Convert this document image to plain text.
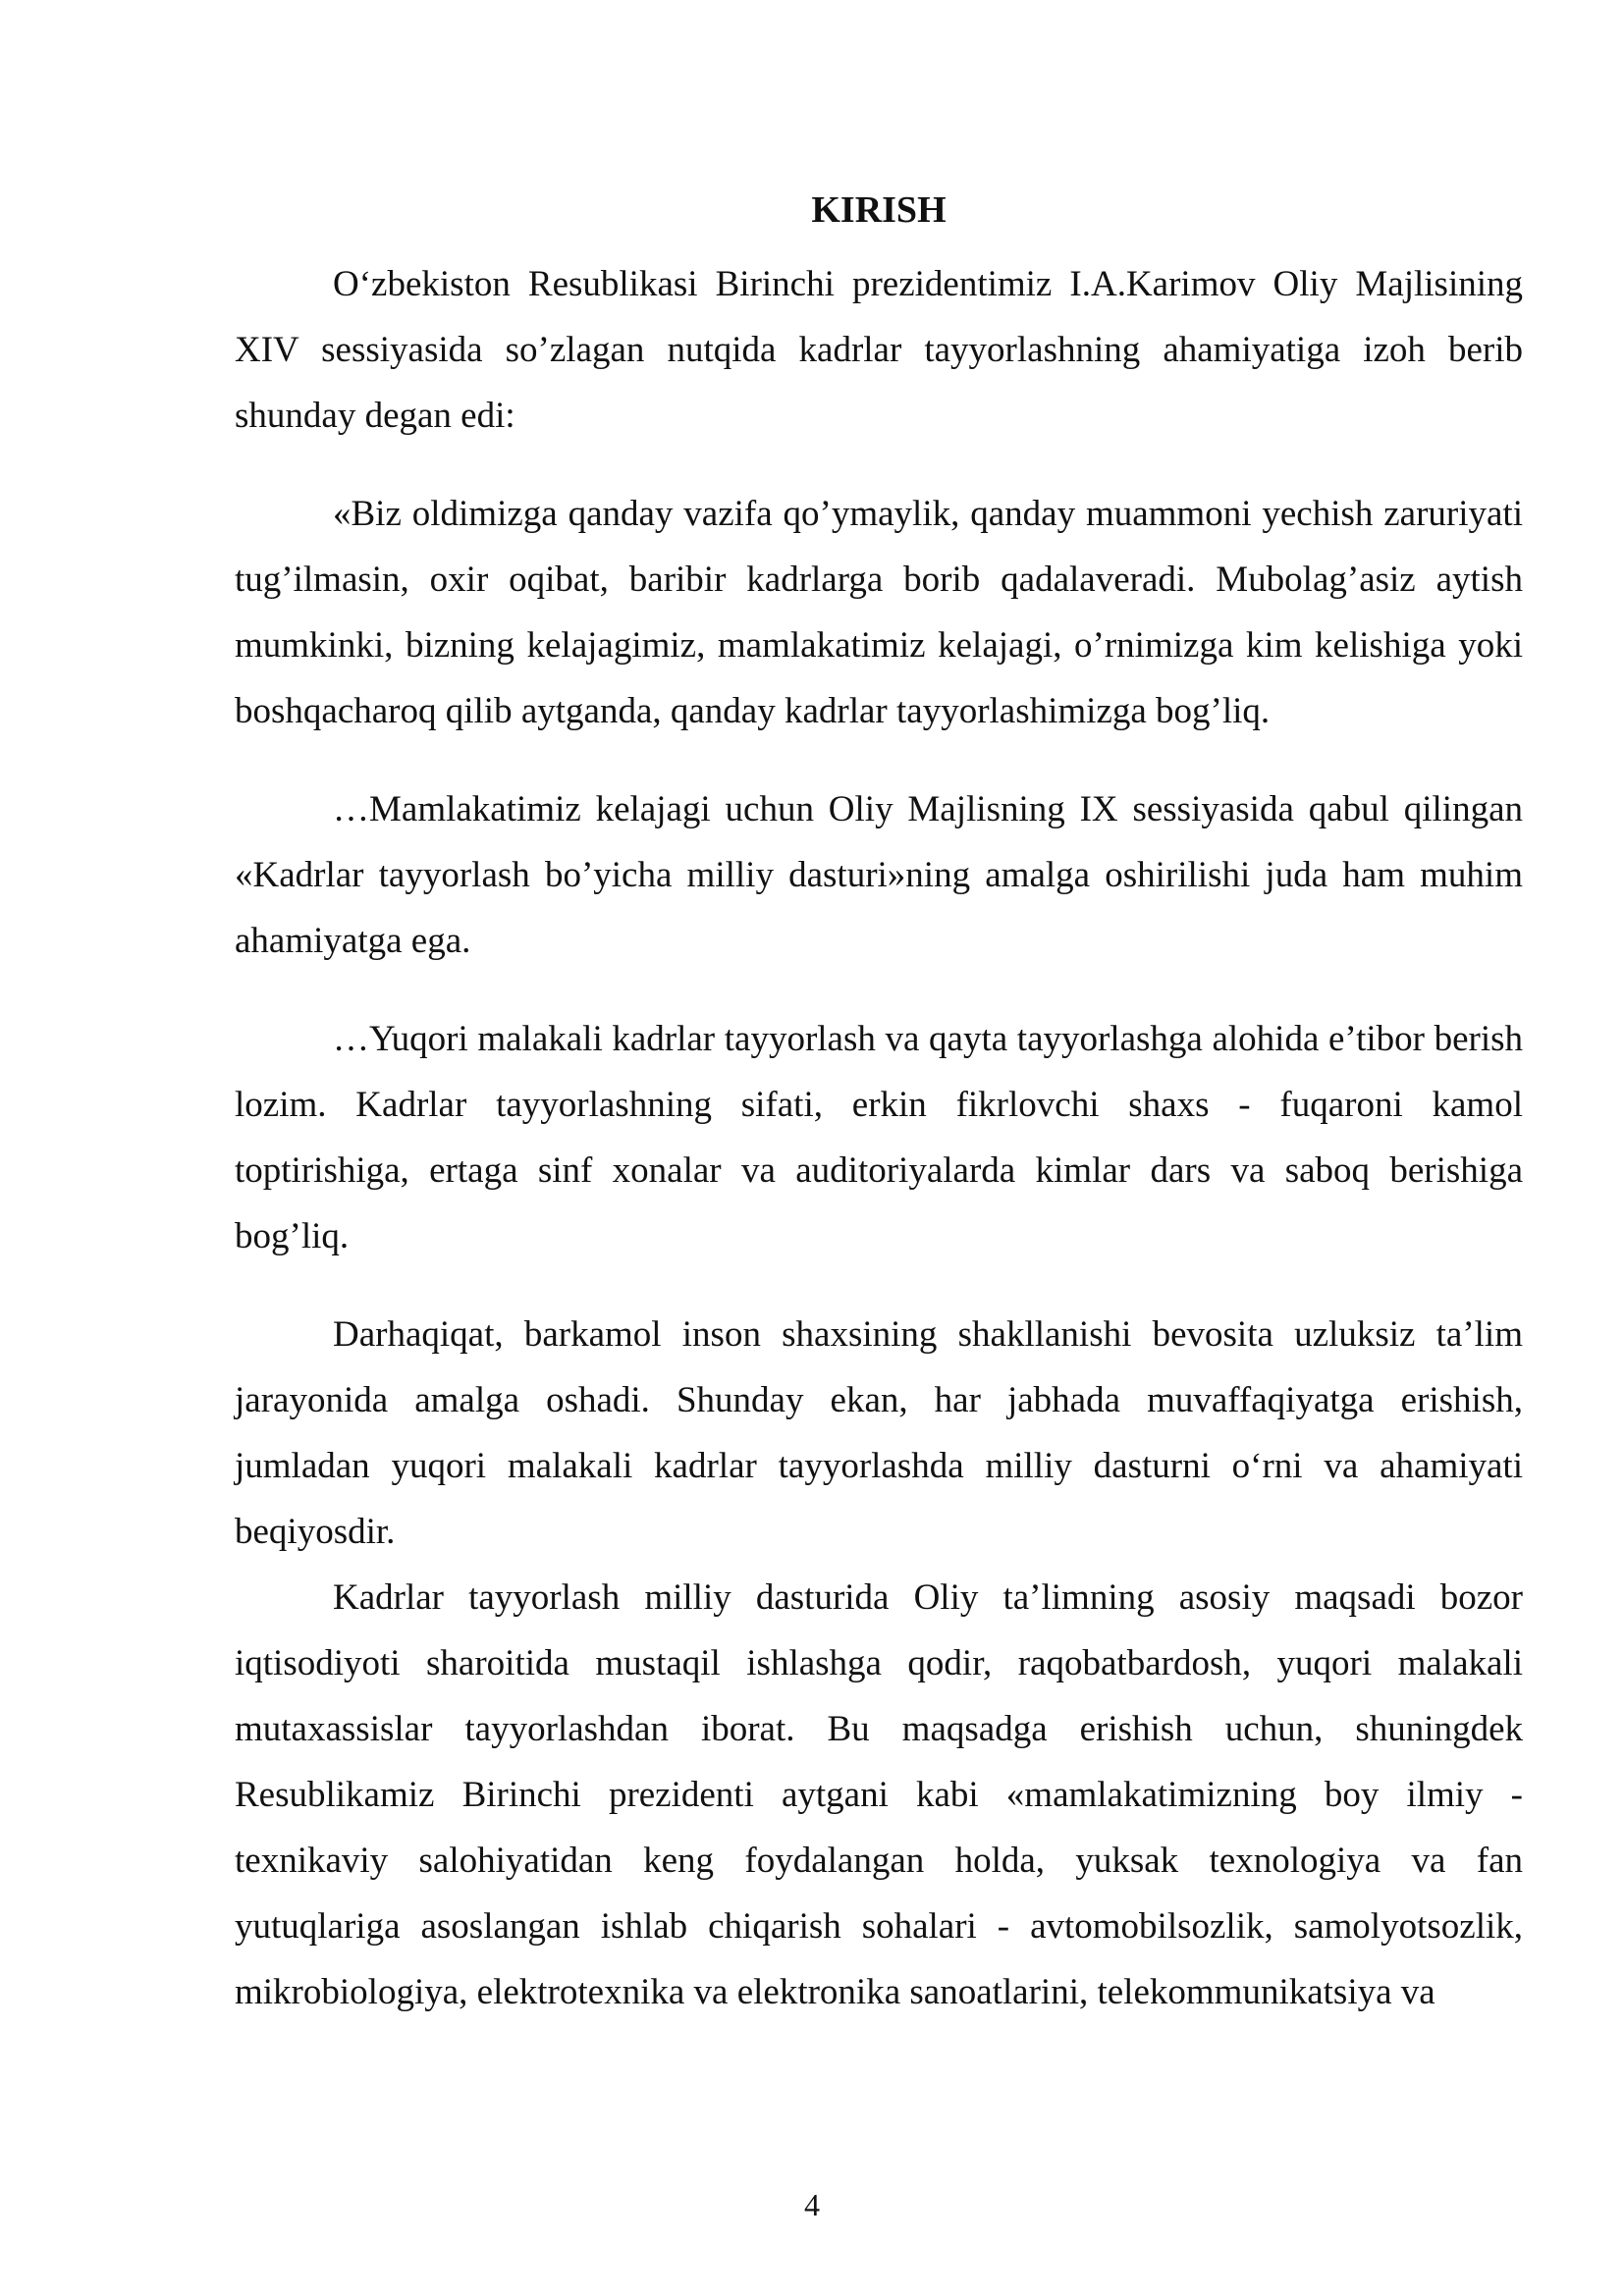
KIRISH

O‘zbekiston Resublikasi Birinchi prezidentimiz I.A.Karimov Oliy Majlisining XIV sessiyasida so’zlagan nutqida kadrlar tayyorlashning ahamiyatiga izoh berib shunday degan edi:

«Biz oldimizga qanday vazifa qo’ymaylik, qanday muammoni yechish zaruriyati tug’ilmasin, oxir oqibat, baribir kadrlarga borib qadalaveradi. Mubolag’asiz aytish mumkinki, bizning kelajagimiz, mamlakatimiz kelajagi, o’rnimizga kim kelishiga yoki boshqacharoq qilib aytganda, qanday kadrlar tayyorlashimizga bog’liq.

…Mamlakatimiz kelajagi uchun Oliy Majlisning IX sessiyasida qabul qilingan «Kadrlar tayyorlash bo’yicha milliy dasturi»ning amalga oshirilishi juda ham muhim ahamiyatga ega.

…Yuqori malakali kadrlar tayyorlash va qayta tayyorlashga alohida e’tibor berish lozim. Kadrlar tayyorlashning sifati, erkin fikrlovchi shaxs - fuqaroni kamol toptirishiga, ertaga sinf xonalar va auditoriyalarda kimlar dars va saboq berishiga bog’liq.

Darhaqiqat, barkamol inson shaxsining shakllanishi bevosita uzluksiz ta’lim jarayonida amalga oshadi. Shunday ekan, har jabhada muvaffaqiyatga erishish, jumladan yuqori malakali kadrlar tayyorlashda milliy dasturni o‘rni va ahamiyati beqiyosdir.

Kadrlar tayyorlash milliy dasturida Oliy ta’limning asosiy maqsadi bozor iqtisodiyoti sharoitida mustaqil ishlashga qodir, raqobatbardosh, yuqori malakali mutaxassislar tayyorlashdan iborat. Bu maqsadga erishish uchun, shuningdek Resublikamiz Birinchi prezidenti aytgani kabi «mamlakatimizning boy ilmiy - texnikaviy salohiyatidan keng foydalangan holda, yuksak texnologiya va fan yutuqlariga asoslangan ishlab chiqarish sohalari - avtomobilsozlik, samolyotsozlik, mikrobiologiya, elektrotexnika va elektronika sanoatlarini, telekommunikatsiya va

4
